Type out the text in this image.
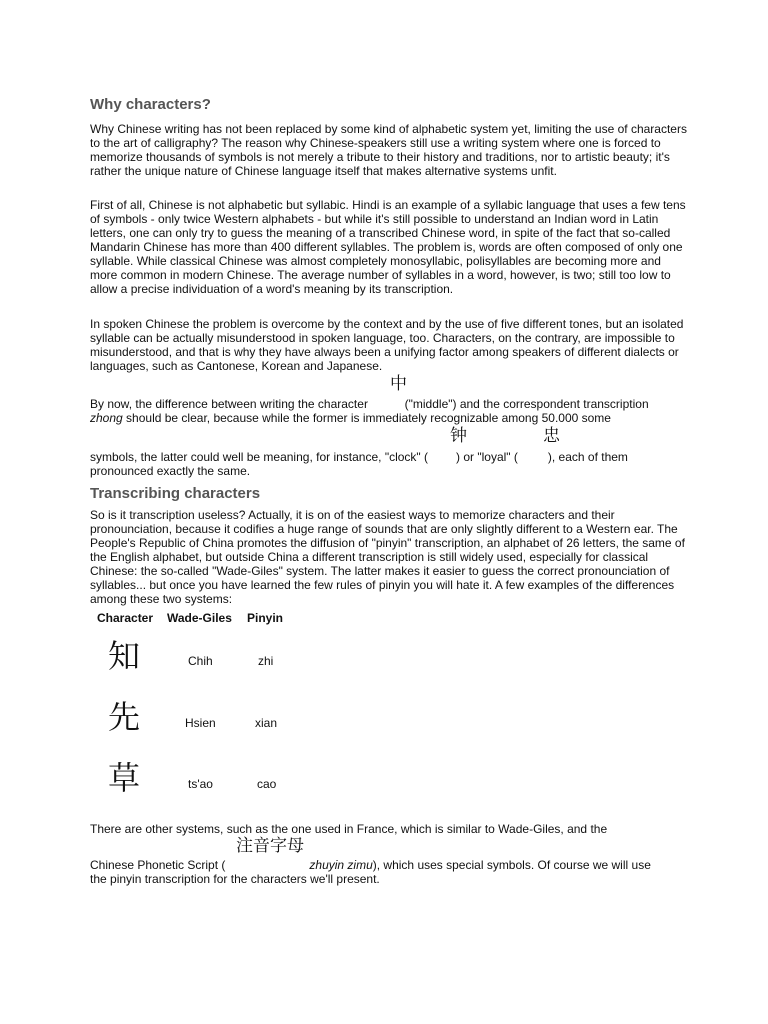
Why characters?

Why Chinese writing has not been replaced by some kind of alphabetic system yet, limiting the use of characters to the art of calligraphy? The reason why Chinese-speakers still use a writing system where one is forced to memorize thousands of symbols is not merely a tribute to their history and traditions, nor to artistic beauty; it's rather the unique nature of Chinese language itself that makes alternative systems unfit.

First of all, Chinese is not alphabetic but syllabic. Hindi is an example of a syllabic language that uses a few tens of symbols - only twice Western alphabets - but while it's still possible to understand an Indian word in Latin letters, one can only try to guess the meaning of a transcribed Chinese word, in spite of the fact that so-called Mandarin Chinese has more than 400 different syllables. The problem is, words are often composed of only one syllable. While classical Chinese was almost completely monosyllabic, polisyllables are becoming more and more common in modern Chinese. The average number of syllables in a word, however, is two; still too low to allow a precise individuation of a word's meaning by its transcription.

In spoken Chinese the problem is overcome by the context and by the use of five different tones, but an isolated syllable can be actually misunderstood in spoken language, too. Characters, on the contrary, are impossible to misunderstood, and that is why they have always been a unifying factor among speakers of different dialects or languages, such as Cantonese, Korean and Japanese.

中
By now, the difference between writing the character	("middle") and the correspondent transcription
zhong should be clear, because while the former is immediately recognizable among 50.000 some
钟	忠
symbols, the latter could well be meaning, for instance, "clock" ( ) or "loyal" (	), each of them
pronounced exactly the same.
Transcribing characters

So is it transcription useless? Actually, it is on of the easiest ways to memorize characters and their pronounciation, because it codifies a huge range of sounds that are only slightly different to a Western ear. The People's Republic of China promotes the diffusion of "pinyin" transcription, an alphabet of 26 letters, the same of the English alphabet, but outside China a different transcription is still widely used, especially for classical Chinese: the so-called "Wade-Giles" system. The latter makes it easier to guess the correct pronounciation of syllables... but once you have learned the few rules of pinyin you will hate it. A few examples of the differences among these two systems:

Character Wade-Giles Pinyin
知	Chih	zhi
先	Hsien	xian
草	ts'ao	cao
There are other systems, such as the one used in France, which is similar to Wade-Giles, and the
注音字母
Chinese Phonetic Script (	zhuyin zimu), which uses special symbols. Of course we will use
the pinyin transcription for the characters we'll present.
